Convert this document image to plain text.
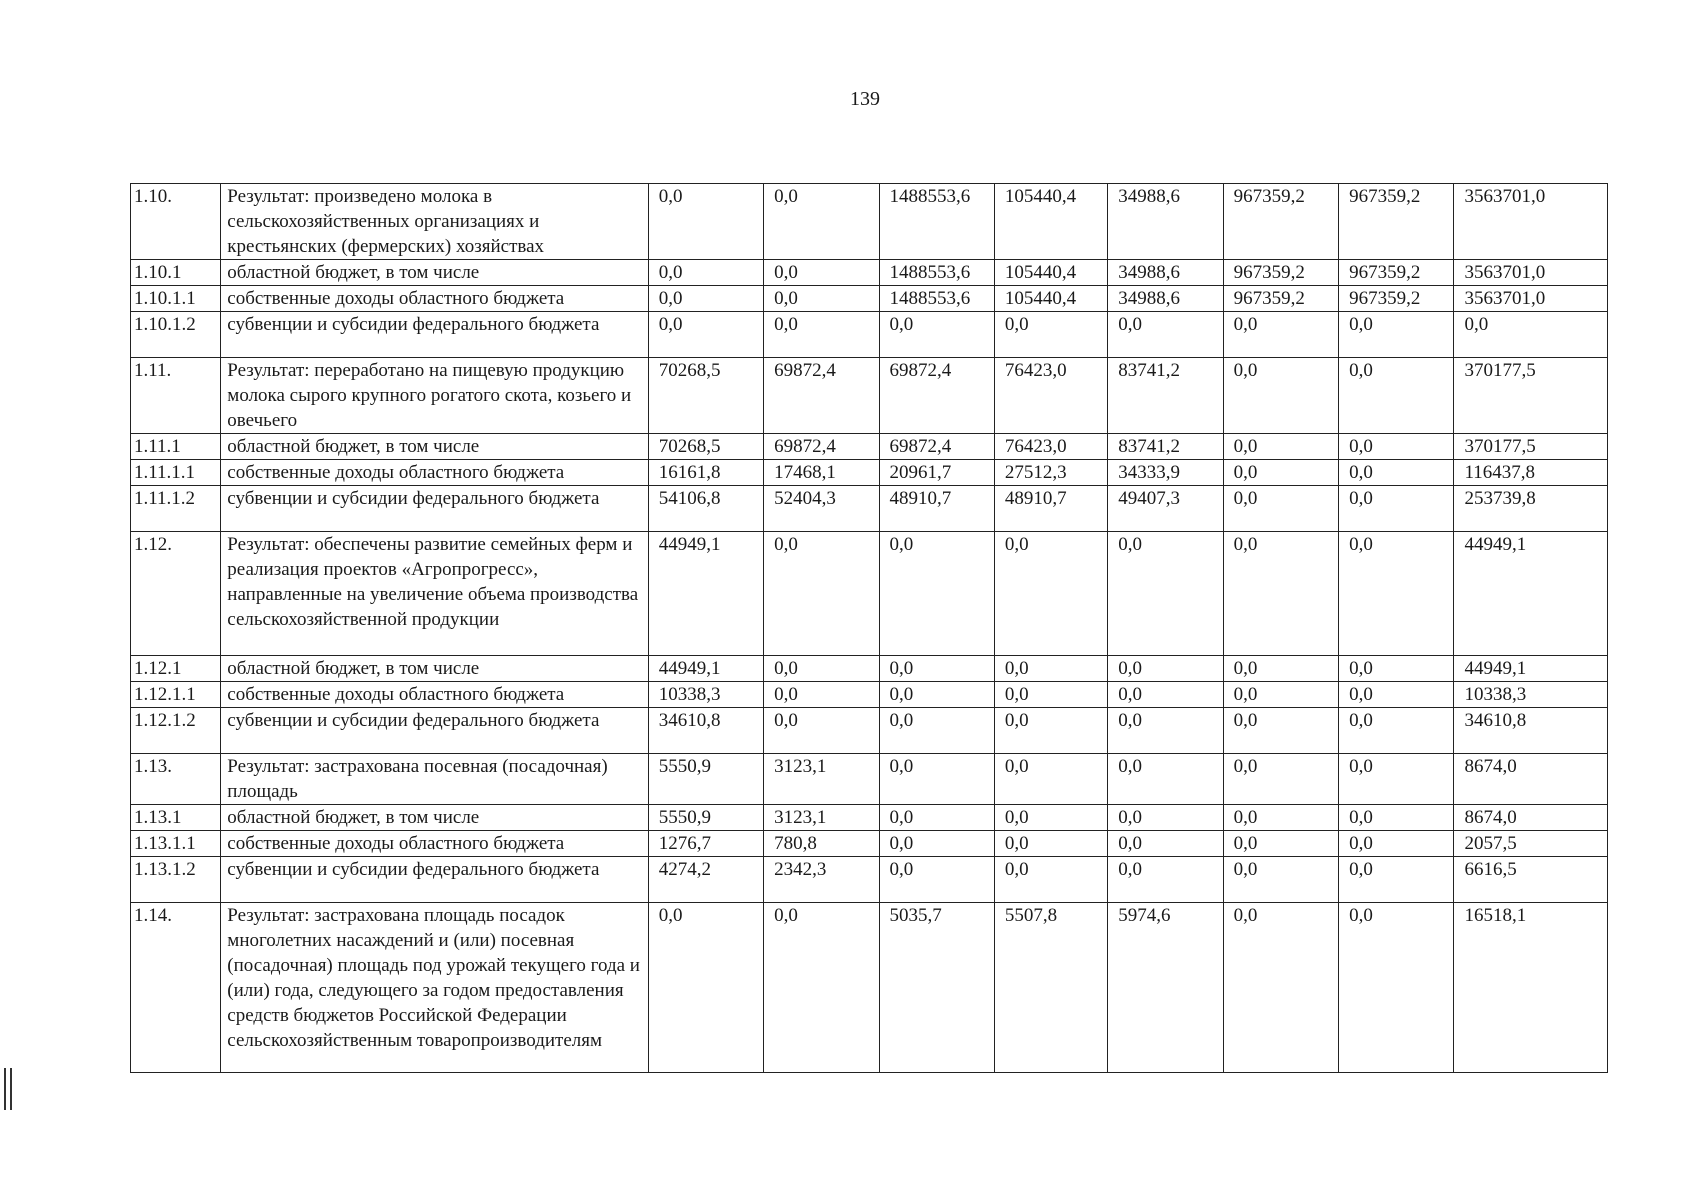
139
1.10.	Результат: произведено молока в сельскохозяйственных организациях и крестьянских (фермерских) хозяйствах	0,0	0,0	1488553,6	105440,4	34988,6	967359,2	967359,2	3563701,0
1.10.1	областной бюджет, в том числе	0,0	0,0	1488553,6	105440,4	34988,6	967359,2	967359,2	3563701,0
1.10.1.1	собственные доходы областного бюджета	0,0	0,0	1488553,6	105440,4	34988,6	967359,2	967359,2	3563701,0
1.10.1.2	субвенции и субсидии федерального бюджета	0,0	0,0	0,0	0,0	0,0	0,0	0,0	0,0
1.11.	Результат: переработано на пищевую продукцию молока сырого крупного рогатого скота, козьего и овечьего	70268,5	69872,4	69872,4	76423,0	83741,2	0,0	0,0	370177,5
1.11.1	областной бюджет, в том числе	70268,5	69872,4	69872,4	76423,0	83741,2	0,0	0,0	370177,5
1.11.1.1	собственные доходы областного бюджета	16161,8	17468,1	20961,7	27512,3	34333,9	0,0	0,0	116437,8
1.11.1.2	субвенции и субсидии федерального бюджета	54106,8	52404,3	48910,7	48910,7	49407,3	0,0	0,0	253739,8
1.12.	Результат: обеспечены развитие семейных ферм и реализация проектов «Агропрогресс», направленные на увеличение объема производства сельскохозяйственной продукции	44949,1	0,0	0,0	0,0	0,0	0,0	0,0	44949,1
1.12.1	областной бюджет, в том числе	44949,1	0,0	0,0	0,0	0,0	0,0	0,0	44949,1
1.12.1.1	собственные доходы областного бюджета	10338,3	0,0	0,0	0,0	0,0	0,0	0,0	10338,3
1.12.1.2	субвенции и субсидии федерального бюджета	34610,8	0,0	0,0	0,0	0,0	0,0	0,0	34610,8
1.13.	Результат: застрахована посевная (посадочная) площадь	5550,9	3123,1	0,0	0,0	0,0	0,0	0,0	8674,0
1.13.1	областной бюджет, в том числе	5550,9	3123,1	0,0	0,0	0,0	0,0	0,0	8674,0
1.13.1.1	собственные доходы областного бюджета	1276,7	780,8	0,0	0,0	0,0	0,0	0,0	2057,5
1.13.1.2	субвенции и субсидии федерального бюджета	4274,2	2342,3	0,0	0,0	0,0	0,0	0,0	6616,5
1.14.	Результат: застрахована площадь посадок многолетних насаждений и (или) посевная (посадочная) площадь под урожай текущего года и (или) года, следующего за годом предоставления средств бюджетов Российской Федерации сельскохозяйственным товаропроизводителям	0,0	0,0	5035,7	5507,8	5974,6	0,0	0,0	16518,1
